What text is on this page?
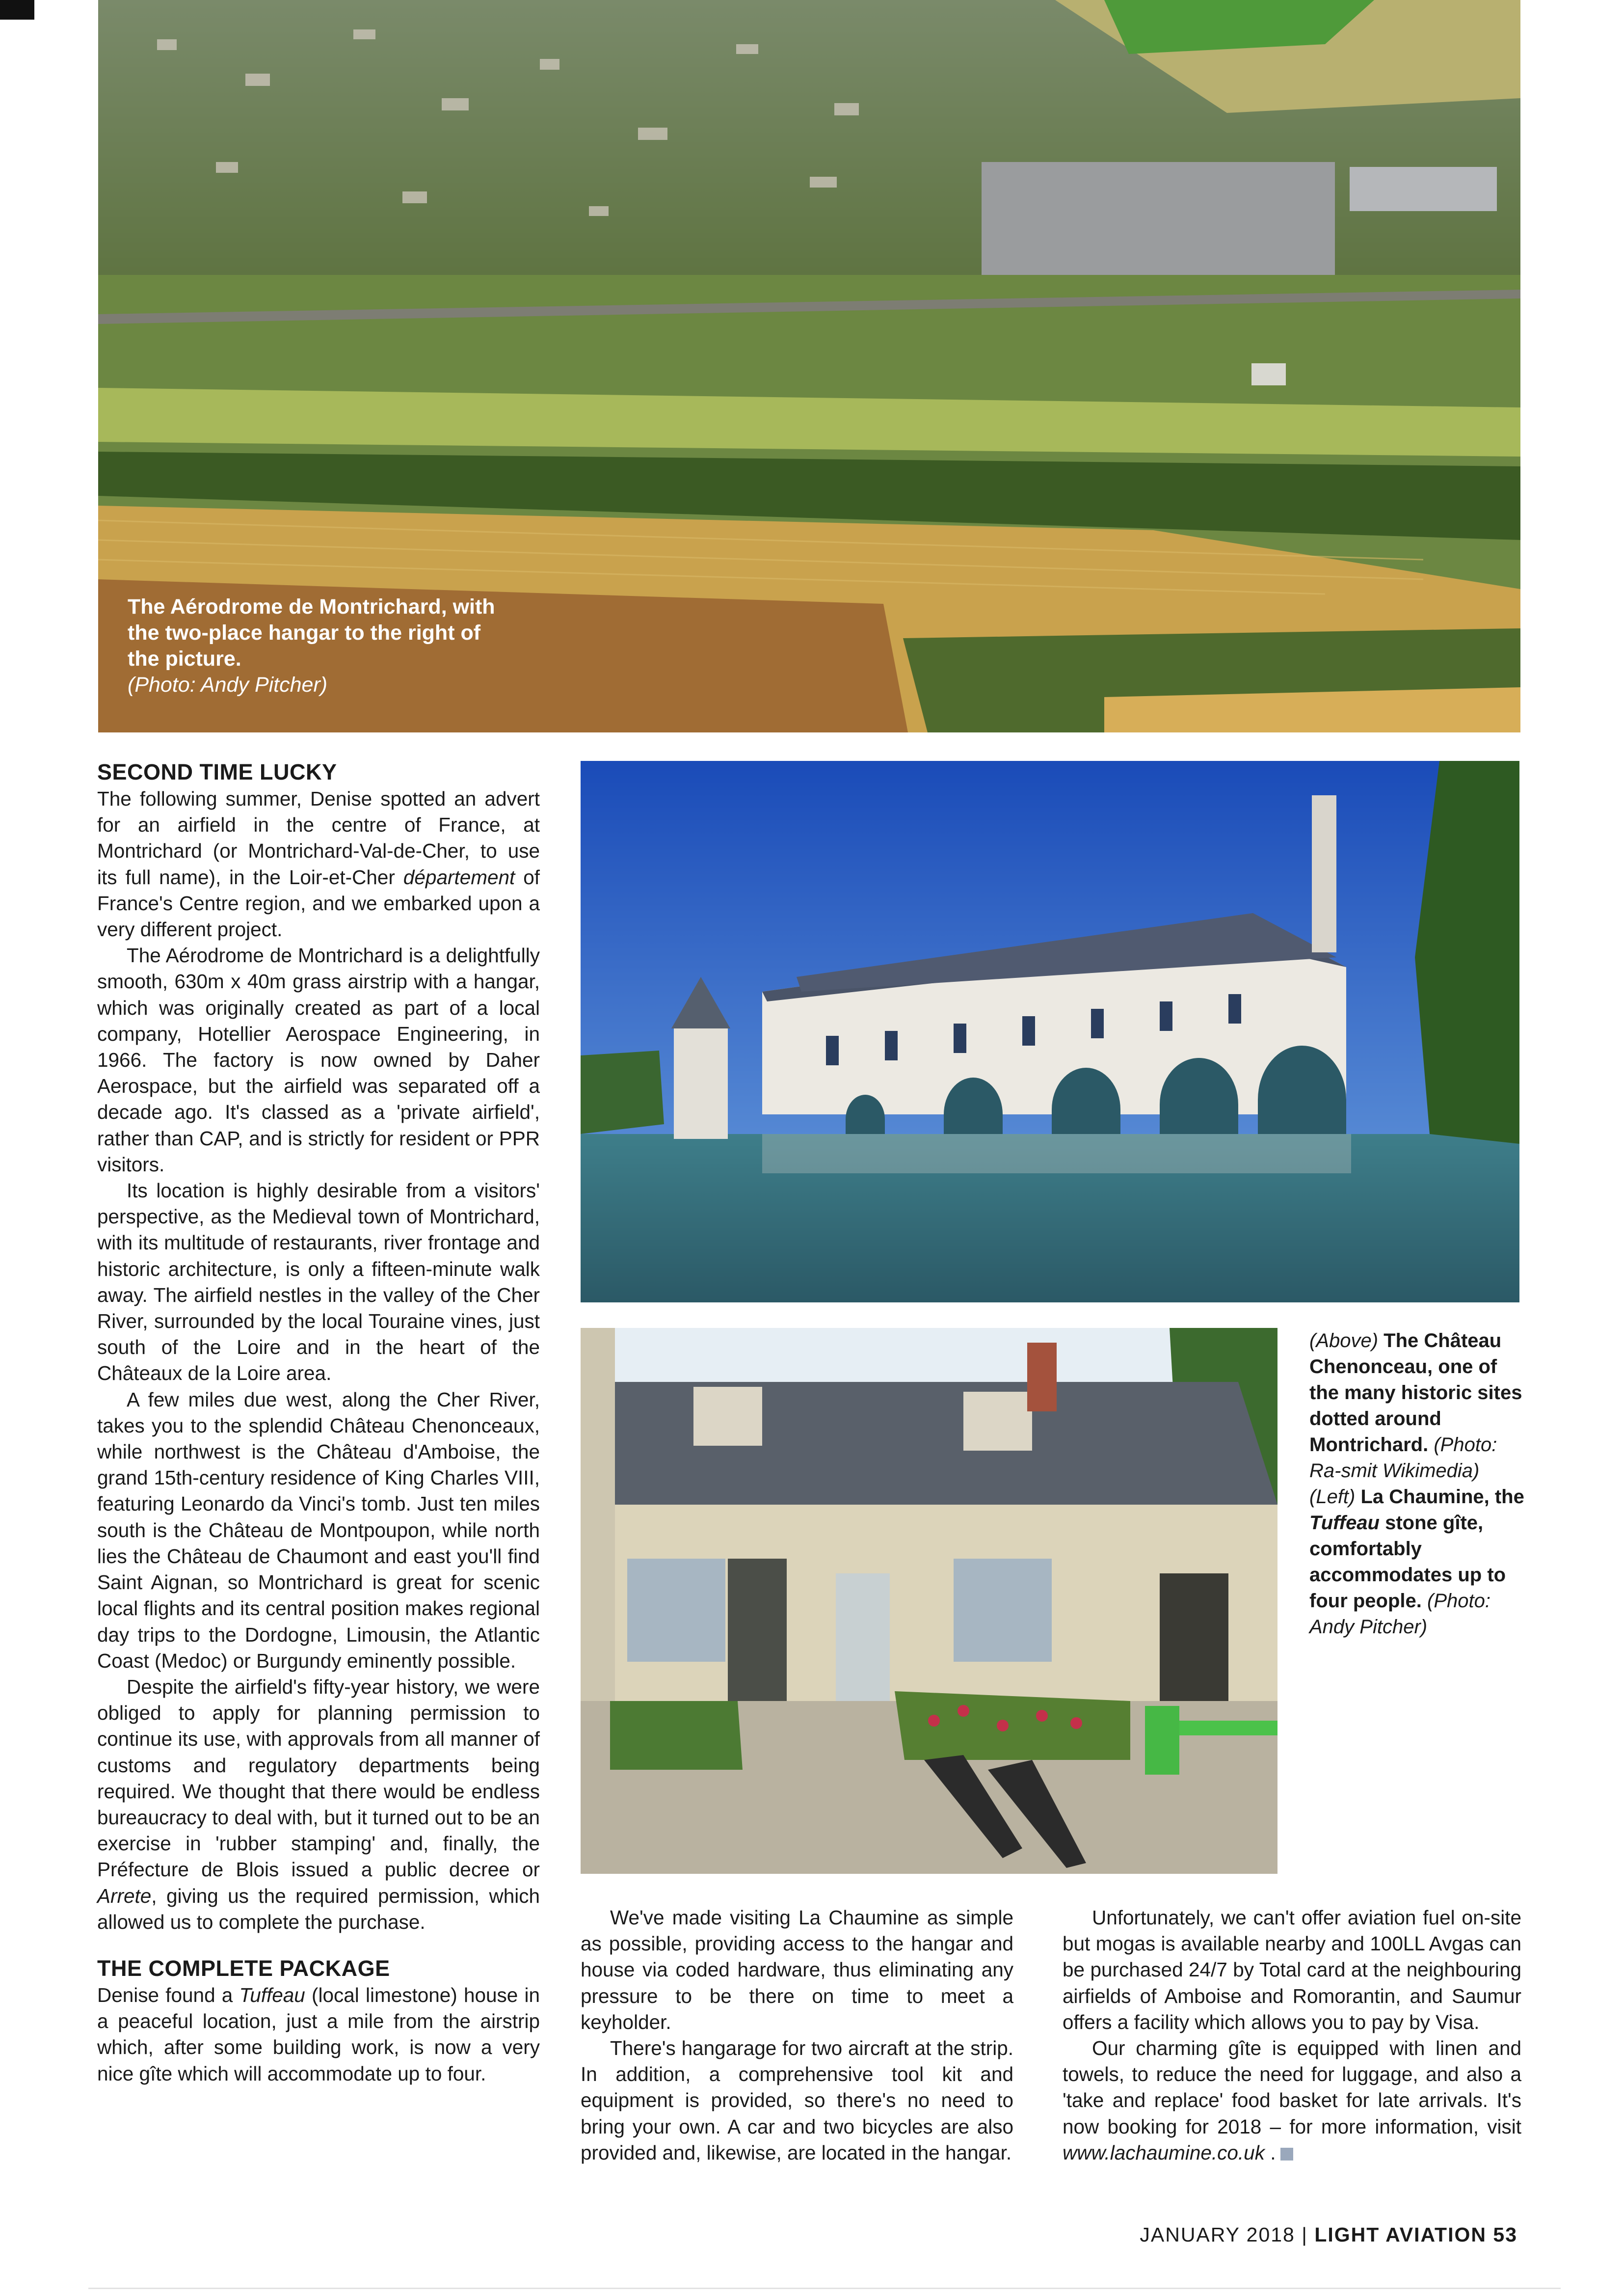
The Aérodrome de Montrichard, with the two-place hangar to the right of the picture.
(Photo: Andy Pitcher)
SECOND TIME LUCKY

The following summer, Denise spotted an advert for an airfield in the centre of France, at Montrichard (or Montrichard-Val-de-Cher, to use its full name), in the Loir-et-Cher département of France's Centre region, and we embarked upon a very different project.

The Aérodrome de Montrichard is a delightfully smooth, 630m x 40m grass airstrip with a hangar, which was originally created as part of a local company, Hotellier Aerospace Engineering, in 1966. The factory is now owned by Daher Aerospace, but the airfield was separated off a decade ago. It's classed as a 'private airfield', rather than CAP, and is strictly for resident or PPR visitors.

Its location is highly desirable from a visitors' perspective, as the Medieval town of Montrichard, with its multitude of restaurants, river frontage and historic architecture, is only a fifteen-minute walk away. The airfield nestles in the valley of the Cher River, surrounded by the local Touraine vines, just south of the Loire and in the heart of the Châteaux de la Loire area.

A few miles due west, along the Cher River, takes you to the splendid Château Chenonceaux, while northwest is the Château d'Amboise, the grand 15th-century residence of King Charles VIII, featuring Leonardo da Vinci's tomb. Just ten miles south is the Château de Montpoupon, while north lies the Château de Chaumont and east you'll find Saint Aignan, so Montrichard is great for scenic local flights and its central position makes regional day trips to the Dordogne, Limousin, the Atlantic Coast (Medoc) or Burgundy eminently possible.

Despite the airfield's fifty-year history, we were obliged to apply for planning permission to continue its use, with approvals from all manner of customs and regulatory departments being required. We thought that there would be endless bureaucracy to deal with, but it turned out to be an exercise in 'rubber stamping' and, finally, the Préfecture de Blois issued a public decree or Arrete, giving us the required permission, which allowed us to complete the purchase.

THE COMPLETE PACKAGE

Denise found a Tuffeau (local limestone) house in a peaceful location, just a mile from the airstrip which, after some building work, is now a very nice gîte which will accommodate up to four.

We've made visiting La Chaumine as simple as possible, providing access to the hangar and house via coded hardware, thus eliminating any pressure to be there on time to meet a keyholder.

There's hangarage for two aircraft at the strip. In addition, a comprehensive tool kit and equipment is provided, so there's no need to bring your own. A car and two bicycles are also provided and, likewise, are located in the hangar.

Unfortunately, we can't offer aviation fuel on-site but mogas is available nearby and 100LL Avgas can be purchased 24/7 by Total card at the neighbouring airfields of Amboise and Romorantin, and Saumur offers a facility which allows you to pay by Visa.

Our charming gîte is equipped with linen and towels, to reduce the need for luggage, and also a 'take and replace' food basket for late arrivals. It's now booking for 2018 – for more information, visit www.lachaumine.co.uk .

(Above) The Château Chenonceau, one of the many historic sites dotted around Montrichard. (Photo: Ra-smit Wikimedia)
(Left) La Chaumine, the Tuffeau stone gîte, comfortably accommodates up to four people. (Photo: Andy Pitcher)
JANUARY 2018 | LIGHT AVIATION 53
